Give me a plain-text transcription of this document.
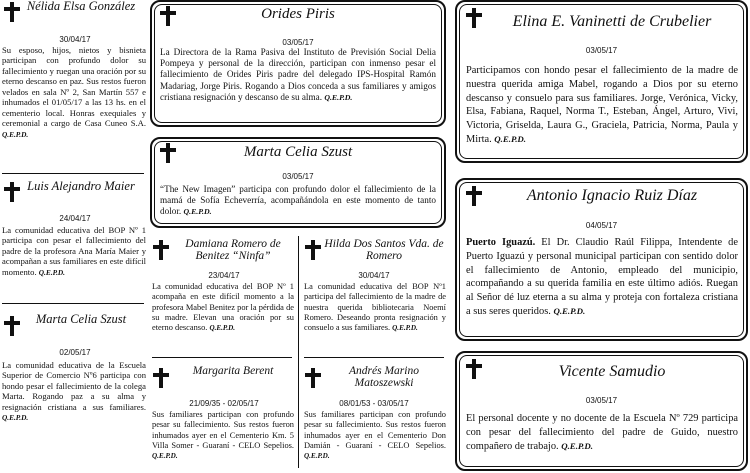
Nélida Elsa González
30/04/17
Su esposo, hijos, nietos y bisnieta participan con profundo dolor su fallecimiento y ruegan una oración por su eterno descanso en paz. Sus restos fueron velados en sala Nº 2, San Martín 557 e inhumados el 01/05/17 a las 13 hs. en el cementerio local. Honras exequiales y ceremonial a cargo de Casa Cuneo S.A. Q.E.P.D.
Luis Alejandro Maier
24/04/17
La comunidad educativa del BOP Nº 1 participa con pesar el fallecimiento del padre de la profesora Ana María Maier y acompañan a sus familiares en este difícil momento. Q.E.P.D.
Marta Celia Szust
02/05/17
La comunidad educativa de la Escuela Superior de Comercio Nº6 participa con hondo pesar el fallecimiento de la colega Marta. Rogando paz a su alma y resignación cristiana a sus familiares. Q.E.P.D.
Orides Piris
03/05/17
La Directora de la Rama Pasiva del Instituto de Previsión Social Delia Pompeya y personal de la dirección, participan con inmenso pesar el fallecimiento de Orides Piris padre del delegado IPS-Hospital Ramón Madariag, Jorge Piris. Rogando a Dios conceda a sus familiares y amigos cristiana resignación y descanso de su alma. Q.E.P.D.
Marta Celia Szust
03/05/17
“The New Imagen” participa con profundo dolor el fallecimiento de la mamá de Sofía Echeverría, acompañándola en este momento de tanto dolor. Q.E.P.D.
Damiana Romero de Benitez “Ninfa”
23/04/17
La comunidad educativa del BOP Nº 1 acompaña en este difícil momento a la profesora Mabel Benitez por la pérdida de su madre. Elevan una oración por su eterno descanso. Q.E.P.D.
Margarita Berent
21/09/35 - 02/05/17
Sus familiares participan con profundo pesar su fallecimiento. Sus restos fueron inhumados ayer en el Cementerio Km. 5 Villa Somer - Guaraní - CELO Sepelios. Q.E.P.D.
Hilda Dos Santos Vda. de Romero
30/04/17
La comunidad educativa del BOP Nº1 participa del fallecimiento de la madre de nuestra querida bibliotecaria Noemí Romero. Deseando pronta resignación y consuelo a sus familiares. Q.E.P.D.
Andrés Marino Matoszewski
08/01/53 - 03/05/17
Sus familiares participan con profundo pesar su fallecimiento. Sus restos fueron inhumados ayer en el Cementerio Don Damián - Guaraní - CELO Sepelios. Q.E.P.D.
Elina E. Vaninetti de Crubelier
03/05/17
Participamos con hondo pesar el fallecimiento de la madre de nuestra querida amiga Mabel, rogando a Dios por su eterno descanso y consuelo para sus familiares. Jorge, Verónica, Vicky, Elsa, Fabiana, Raquel, Norma T., Esteban, Ángel, Arturo, Vivi, Victoria, Griselda, Laura G., Graciela, Patricia, Norma, Paula y Mirta. Q.E.P.D.
Antonio Ignacio Ruiz Díaz
04/05/17
Puerto Iguazú. El Dr. Claudio Raúl Filippa, Intendente de Puerto Iguazú y personal municipal participan con sentido dolor el fallecimiento de Antonio, empleado del municipio, acompañando a su querida familia en este último adiós. Ruegan al Señor dé luz eterna a su alma y proteja con fortaleza cristiana a sus seres queridos. Q.E.P.D.
Vicente Samudio
03/05/17
El personal docente y no docente de la Escuela Nº 729 participa con pesar del fallecimiento del padre de Guido, nuestro compañero de trabajo. Q.E.P.D.
